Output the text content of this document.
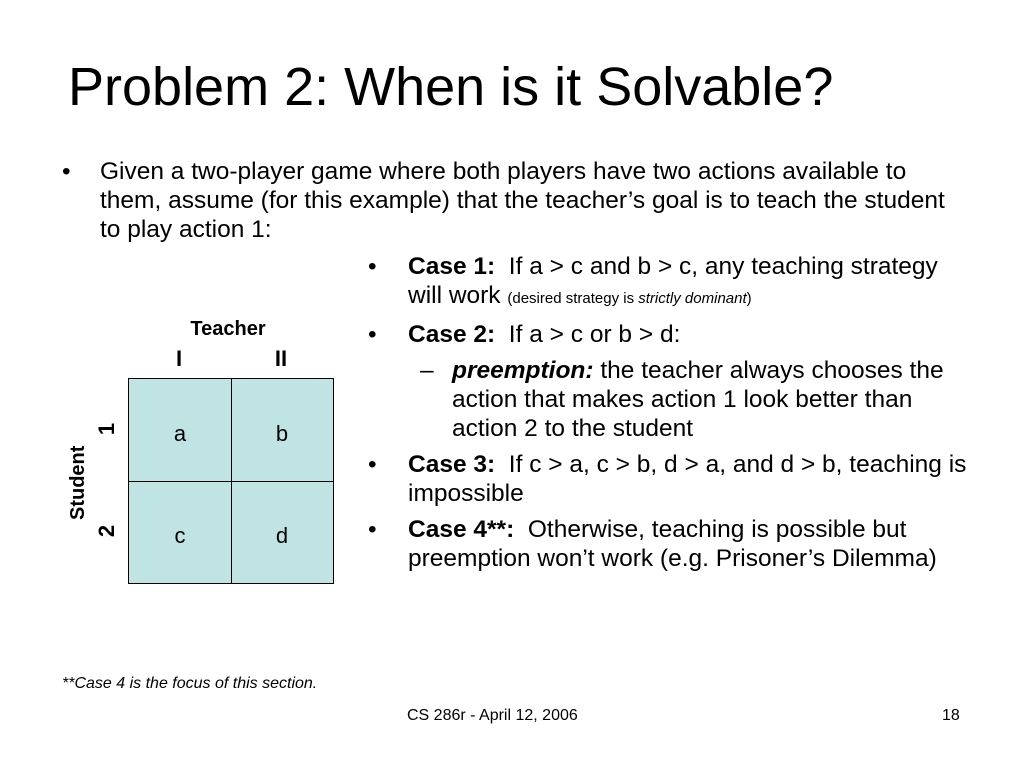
Problem 2: When is it Solvable?
• Given a two-player game where both players have two actions available to them, assume (for this example) that the teacher’s goal is to teach the student to play action 1:
• Case 1: If a > c and b > c, any teaching strategy will work (desired strategy is strictly dominant)
• Case 2: If a > c or b > d:
– preemption: the teacher always chooses the action that makes action 1 look better than action 2 to the student
• Case 3: If c > a, c > b, d > a, and d > b, teaching is impossible
• Case 4**: Otherwise, teaching is possible but preemption won’t work (e.g. Prisoner’s Dilemma)
Teacher
I	II
Student
1
2
a	b
c	d
**Case 4 is the focus of this section.
CS 286r - April 12, 2006	18
